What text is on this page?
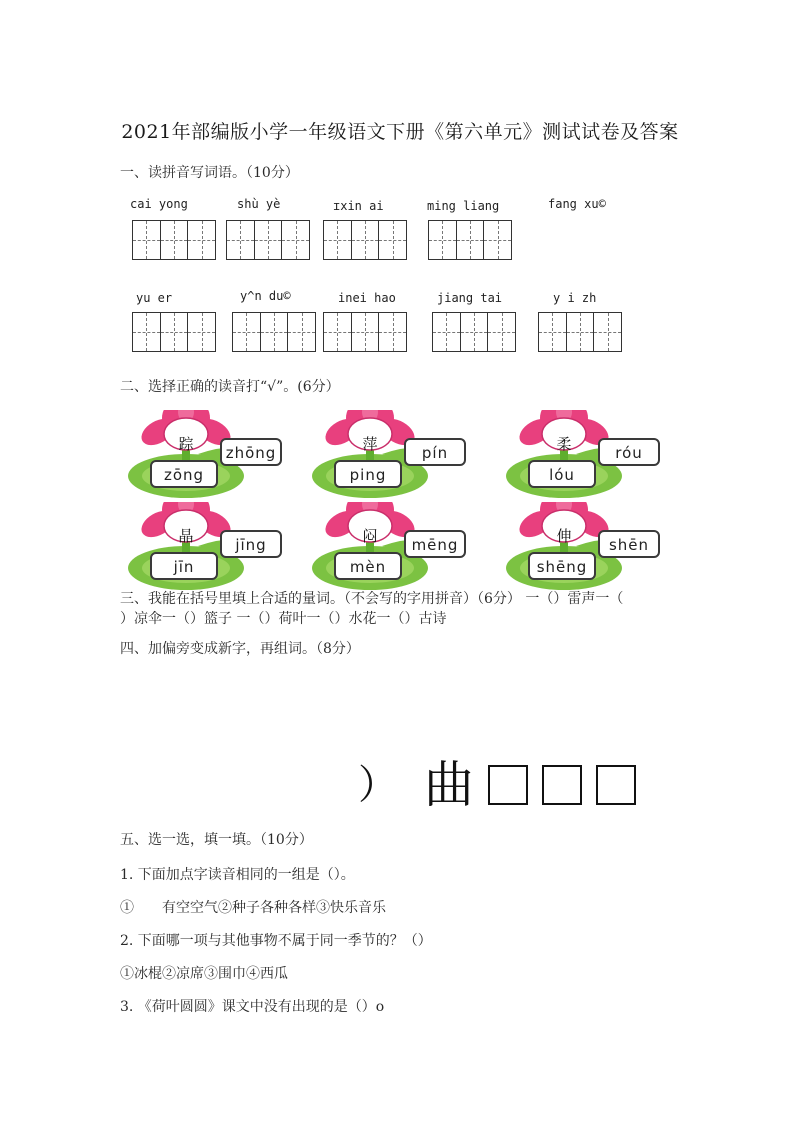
2021年部编版小学一年级语文下册《第六单元》测试试卷及答案
一、读拼音写词语。（10分）
cai yong	shù yè	ɪxin ai	ming liang	fang xu©
yu er	y^n du©	inei hao	jiang tai	y i zh
二、选择正确的读音打“√”。(6分）
踪	zhōng
zōng
萍	pín
ping
柔	róu
lóu
晶	jīng
jīn
闷	mēng
mèn
伸	shēn
shēng
三、我能在括号里填上合适的量词。（不会写的字用拼音）（6分） 一（）雷声一（
）凉伞一（）篮子 一（）荷叶一（）水花一（）古诗
四、加偏旁变成新字，再组词。（8分）
） 曲
五、选一选，填一填。（10分）
1. 下面加点字读音相同的一组是（）。
①　　有空空气②种子各种各样③快乐音乐
2. 下面哪一项与其他事物不属于同一季节的？（）
①冰棍②凉席③围巾④西瓜
3. 《荷叶圆圆》课文中没有出现的是（）o
